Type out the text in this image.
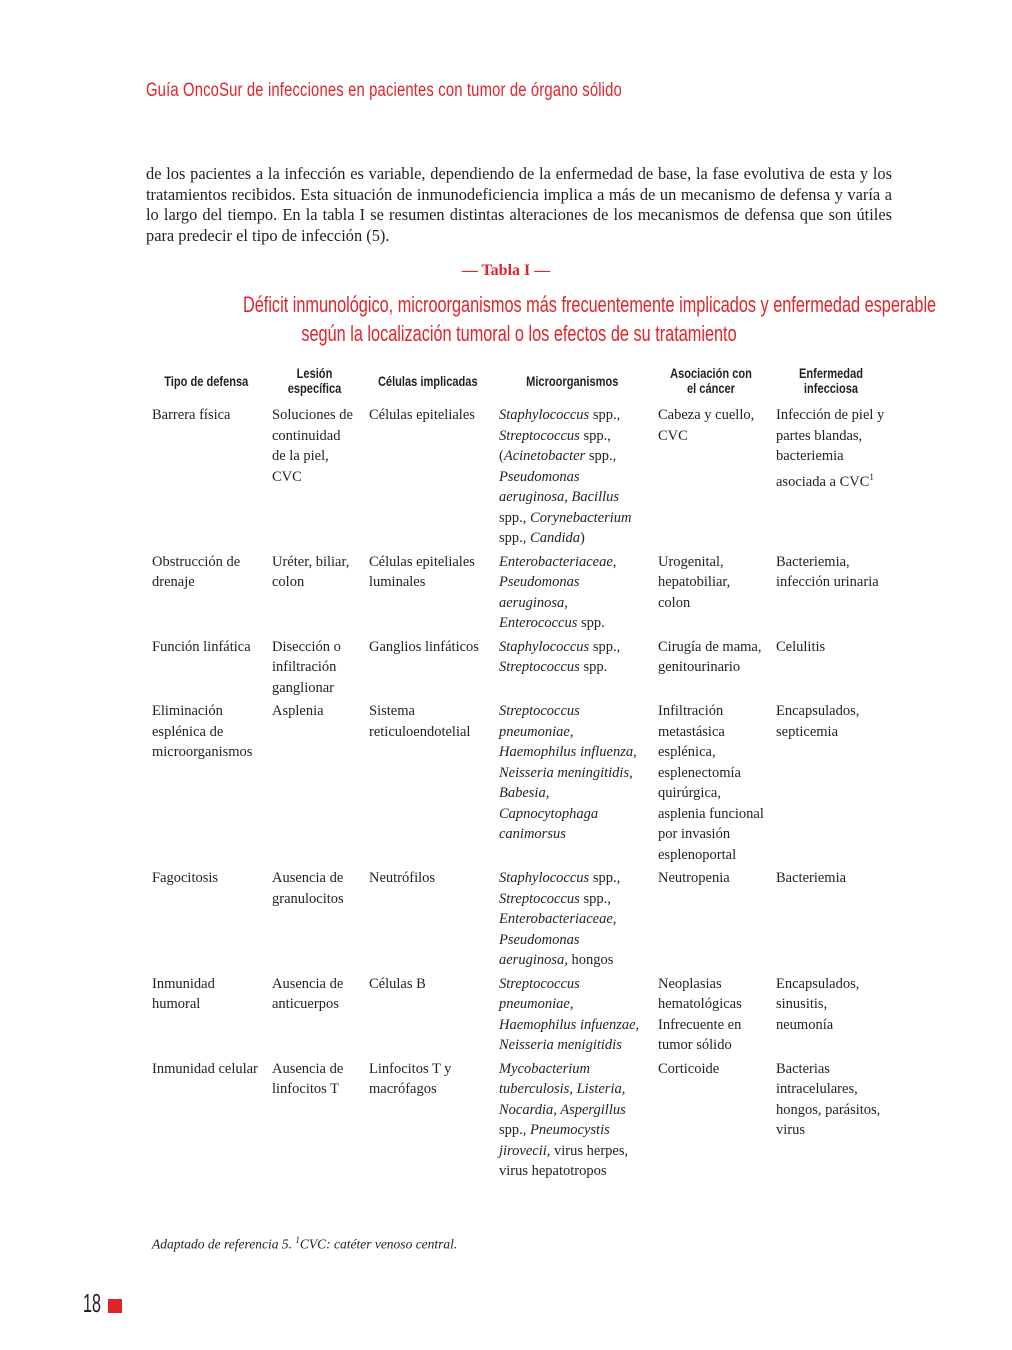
Guía OncoSur de infecciones en pacientes con tumor de órgano sólido

de los pacientes a la infección es variable, dependiendo de la enfermedad de base, la fase evolutiva de esta y los tratamientos recibidos. Esta situación de inmunodeficiencia implica a más de un mecanismo de defensa y varía a lo largo del tiempo. En la tabla I se resumen distintas alteraciones de los mecanismos de defensa que son útiles para predecir el tipo de infección (5).

— Tabla I —
Déficit inmunológico, microorganismos más frecuentemente implicados y enfermedad esperable
según la localización tumoral o los efectos de su tratamiento
Tipo de defensa	Lesión específica	Células implicadas	Microorganismos	Asociación con el cáncer	Enfermedad infecciosa
Barrera física	Soluciones de continuidad de la piel, CVC	Células epiteliales	Staphylococcus spp., Streptococcus spp., (Acinetobacter spp., Pseudomonas aeruginosa, Bacillus spp., Corynebacterium spp., Candida)	Cabeza y cuello, CVC	Infección de piel y partes blandas, bacteriemia asociada a CVC$^1$
Obstrucción de drenaje	Uréter, biliar, colon	Células epiteliales luminales	Enterobacteriaceae, Pseudomonas aeruginosa, Enterococcus spp.	Urogenital, hepatobiliar, colon	Bacteriemia, infección urinaria
Función linfática	Disección o infiltración ganglionar	Ganglios linfáticos	Staphylococcus spp., Streptococcus spp.	Cirugía de mama, genitourinario	Celulitis
Eliminación esplénica de microorganismos	Asplenia	Sistema reticuloendotelial	Streptococcus pneumoniae, Haemophilus influenza, Neisseria meningitidis, Babesia, Capnocytophaga canimorsus	Infiltración metastásica esplénica, esplenectomía quirúrgica, asplenia funcional por invasión esplenoportal	Encapsulados, septicemia
Fagocitosis	Ausencia de granulocitos	Neutrófilos	Staphylococcus spp., Streptococcus spp., Enterobacteriaceae, Pseudomonas aeruginosa, hongos	Neutropenia	Bacteriemia
Inmunidad humoral	Ausencia de anticuerpos	Células B	Streptococcus pneumoniae, Haemophilus infuenzae, Neisseria menigitidis	Neoplasias hematológicas Infrecuente en tumor sólido	Encapsulados, sinusitis, neumonía
Inmunidad celular	Ausencia de linfocitos T	Linfocitos T y macrófagos	Mycobacterium tuberculosis, Listeria, Nocardia, Aspergillus spp., Pneumocystis jirovecii, virus herpes, virus hepatotropos	Corticoide	Bacterias intracelulares, hongos, parásitos, virus
Adaptado de referencia 5. $^1$CVC: catéter venoso central.
18
